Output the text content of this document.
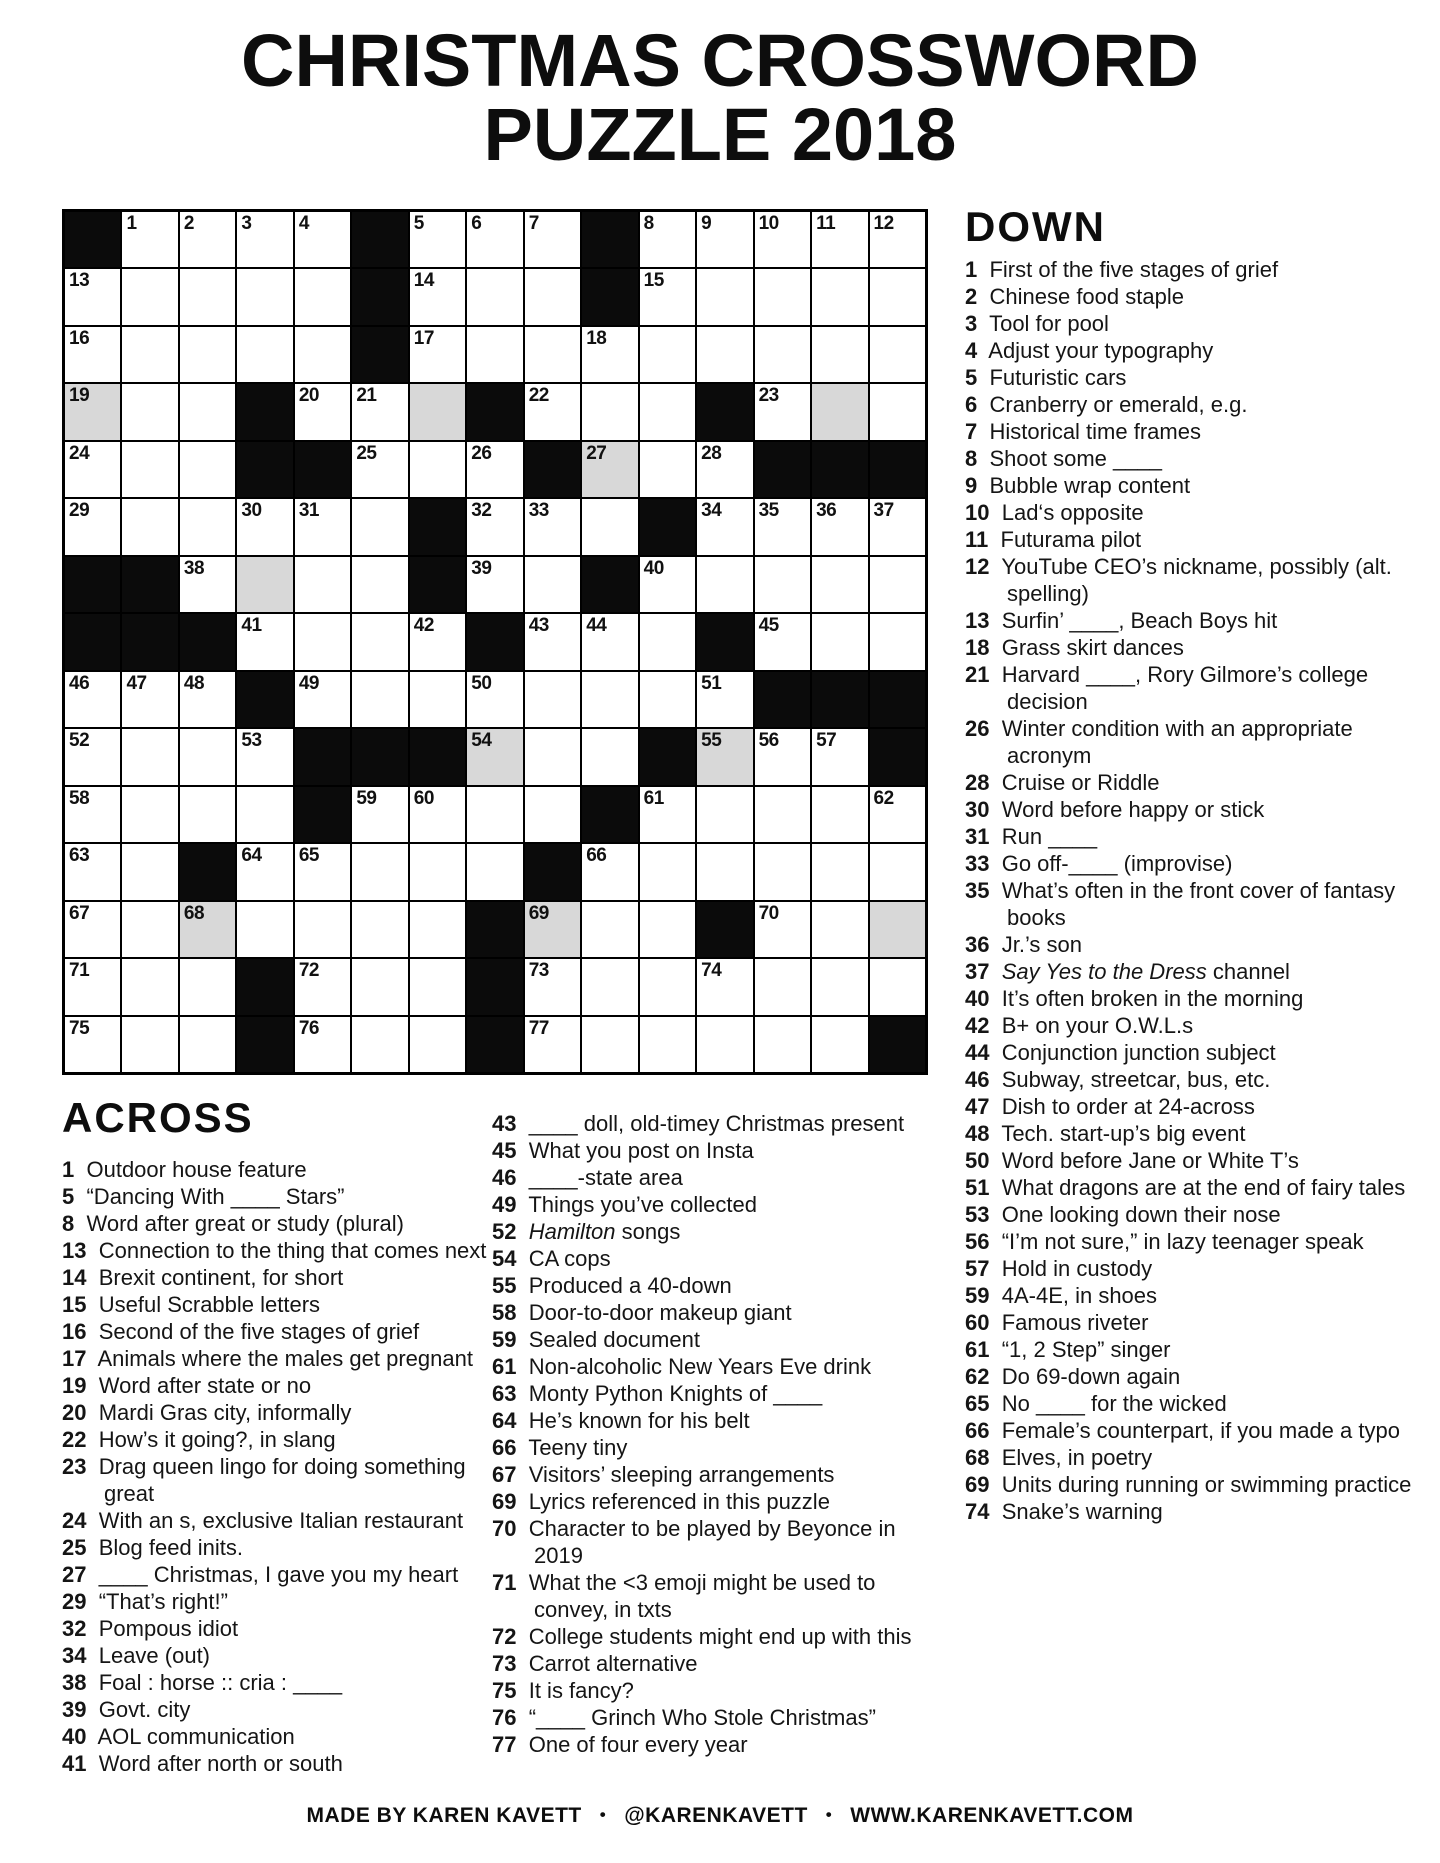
CHRISTMAS CROSSWORD
PUZZLE 2018
1 2 3 4	5 6 7	8 9 10 11 12
13	14	15
16	17	18
19	20 21	22	23
24	25	26	27	28
29	30 31	32 33	34 35 36 37
38	39	40
41	42	43 44	45
46 47 48	49	50	51
52	53	54	55 56 57
58	59 60	61	62
63	64 65	66
67	68	69	70
71	72	73	74
75	76	77
DOWN
1 First of the five stages of grief
2 Chinese food staple
3 Tool for pool
4 Adjust your typography
5 Futuristic cars
6 Cranberry or emerald, e.g.
7 Historical time frames
8 Shoot some ____
9 Bubble wrap content
10 Lad‘s opposite
11 Futurama pilot
12 YouTube CEO’s nickname, possibly (alt. spelling)
13 Surfin’ ____, Beach Boys hit
18 Grass skirt dances
21 Harvard ____, Rory Gilmore’s college decision
26 Winter condition with an appropriate acronym
28 Cruise or Riddle
30 Word before happy or stick
31 Run ____
33 Go off-____ (improvise)
35 What’s often in the front cover of fantasy books
36 Jr.’s son
37 Say Yes to the Dress channel
40 It’s often broken in the morning
42 B+ on your O.W.L.s
44 Conjunction junction subject
46 Subway, streetcar, bus, etc.
47 Dish to order at 24-across
48 Tech. start-up’s big event
50 Word before Jane or White T’s
51 What dragons are at the end of fairy tales
53 One looking down their nose
56 “I’m not sure,” in lazy teenager speak
57 Hold in custody
59 4A-4E, in shoes
60 Famous riveter
61 “1, 2 Step” singer
62 Do 69-down again
65 No ____ for the wicked
66 Female’s counterpart, if you made a typo
68 Elves, in poetry
69 Units during running or swimming practice
74 Snake’s warning
ACROSS
1 Outdoor house feature
5 “Dancing With ____ Stars”
8 Word after great or study (plural)
13 Connection to the thing that comes next
14 Brexit continent, for short
15 Useful Scrabble letters
16 Second of the five stages of grief
17 Animals where the males get pregnant
19 Word after state or no
20 Mardi Gras city, informally
22 How’s it going?, in slang
23 Drag queen lingo for doing something great
24 With an s, exclusive Italian restaurant
25 Blog feed inits.
27 ____ Christmas, I gave you my heart
29 “That’s right!”
32 Pompous idiot
34 Leave (out)
38 Foal : horse :: cria : ____
39 Govt. city
40 AOL communication
41 Word after north or south
43 ____ doll, old-timey Christmas present
45 What you post on Insta
46 ____-state area
49 Things you’ve collected
52 Hamilton songs
54 CA cops
55 Produced a 40-down
58 Door-to-door makeup giant
59 Sealed document
61 Non-alcoholic New Years Eve drink
63 Monty Python Knights of ____
64 He’s known for his belt
66 Teeny tiny
67 Visitors’ sleeping arrangements
69 Lyrics referenced in this puzzle
70 Character to be played by Beyonce in 2019
71 What the <3 emoji might be used to convey, in txts
72 College students might end up with this
73 Carrot alternative
75 It is fancy?
76 “____ Grinch Who Stole Christmas”
77 One of four every year
MADE BY KAREN KAVETT • @KARENKAVETT • WWW.KARENKAVETT.COM
